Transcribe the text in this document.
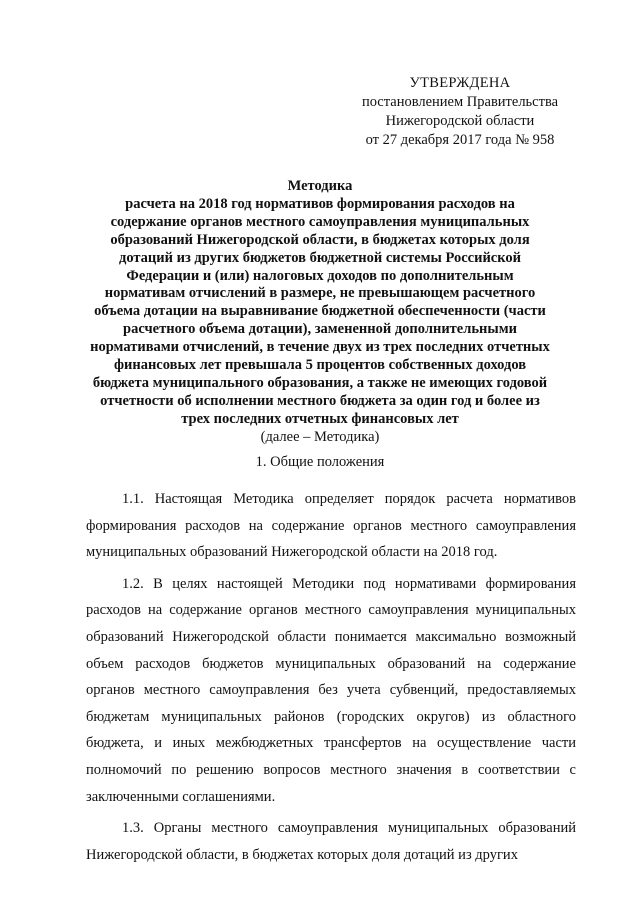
УТВЕРЖДЕНА
постановлением Правительства
Нижегородской области
от 27 декабря 2017 года № 958
Методика
расчета на 2018 год нормативов формирования расходов на
содержание органов местного самоуправления муниципальных
образований Нижегородской области, в бюджетах которых доля
дотаций из других бюджетов бюджетной системы Российской
Федерации и (или) налоговых доходов по дополнительным
нормативам отчислений в размере, не превышающем расчетного
объема дотации на выравнивание бюджетной обеспеченности (части
расчетного объема дотации), замененной дополнительными
нормативами отчислений, в течение двух из трех последних отчетных
финансовых лет превышала 5 процентов собственных доходов
бюджета муниципального образования, а также не имеющих годовой
отчетности об исполнении местного бюджета за один год и более из
трех последних отчетных финансовых лет
(далее – Методика)
1. Общие положения

1.1. Настоящая Методика определяет порядок расчета нормативов формирования расходов на содержание органов местного самоуправления муниципальных образований Нижегородской области на 2018 год.

1.2. В целях настоящей Методики под нормативами формирования расходов на содержание органов местного самоуправления муниципальных образований Нижегородской области понимается максимально возможный объем расходов бюджетов муниципальных образований на содержание органов местного самоуправления без учета субвенций, предоставляемых бюджетам муниципальных районов (городских округов) из областного бюджета, и иных межбюджетных трансфертов на осуществление части полномочий по решению вопросов местного значения в соответствии с заключенными соглашениями.

1.3. Органы местного самоуправления муниципальных образований Нижегородской области, в бюджетах которых доля дотаций из других
